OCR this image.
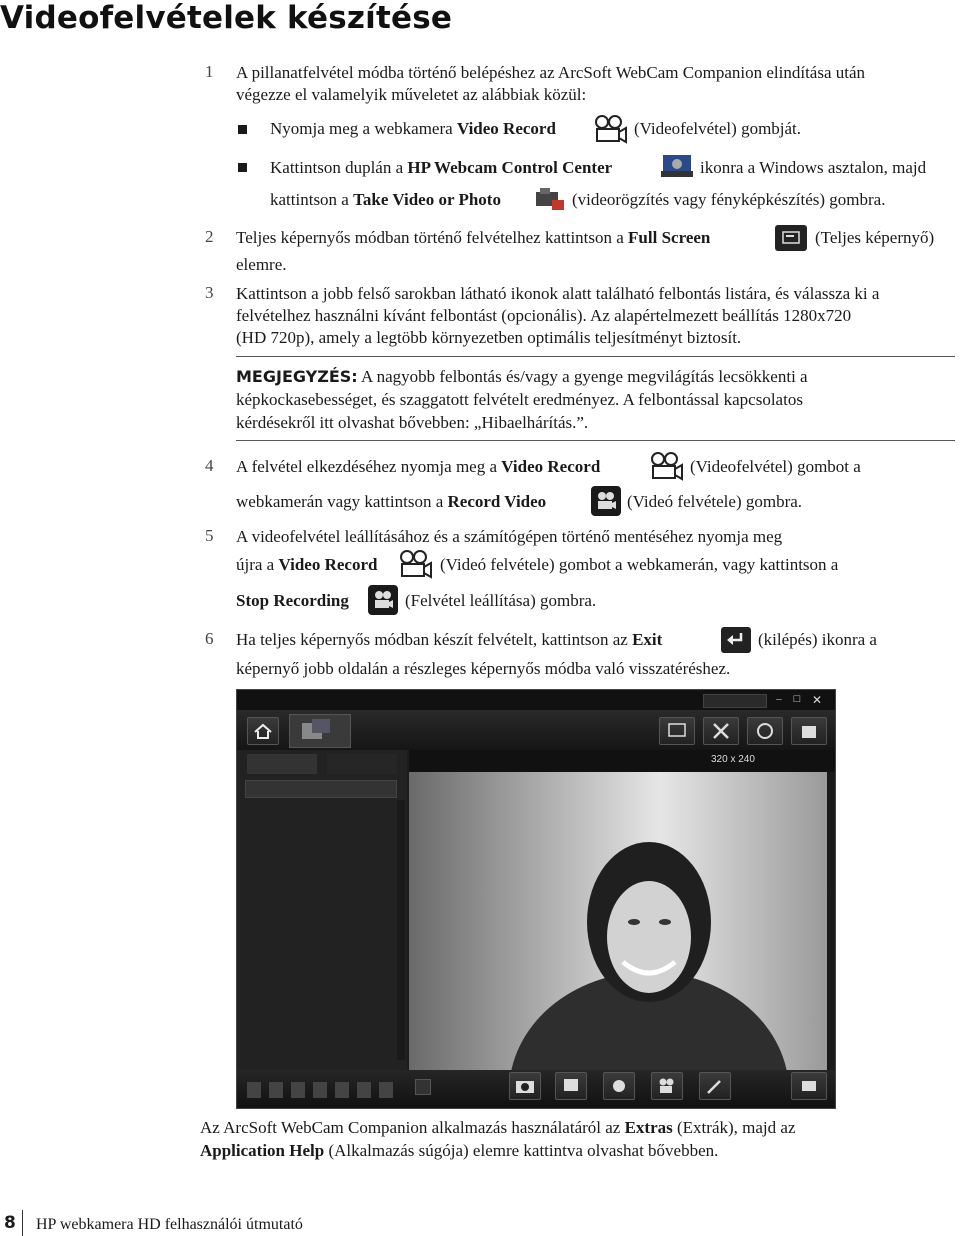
Videofelvételek készítése
1 A pillanatfelvétel módba történő belépéshez az ArcSoft WebCam Companion elindítása után
végezze el valamelyik műveletet az alábbiak közül:
Nyomja meg a webkamera Video Record	(Videofelvétel) gombját.
Kattintson duplán a HP Webcam Control Center	ikonra a Windows asztalon, majd
kattintson a Take Video or Photo	(videorögzítés vagy fényképkészítés) gombra.
2 Teljes képernyős módban történő felvételhez kattintson a Full Screen	(Teljes képernyő)
elemre.
3 Kattintson a jobb felső sarokban látható ikonok alatt található felbontás listára, és válassza ki a
felvételhez használni kívánt felbontást (opcionális). Az alapértelmezett beállítás 1280x720
(HD 720p), amely a legtöbb környezetben optimális teljesítményt biztosít.
MEGJEGYZÉS: A nagyobb felbontás és/vagy a gyenge megvilágítás lecsökkenti a
képkockasebességet, és szaggatott felvételt eredményez. A felbontással kapcsolatos
kérdésekről itt olvashat bővebben: „Hibaelhárítás.”.
4 A felvétel elkezdéséhez nyomja meg a Video Record	(Videofelvétel) gombot a
webkamerán vagy kattintson a Record Video	(Videó felvétele) gombra.
5 A videofelvétel leállításához és a számítógépen történő mentéséhez nyomja meg
újra a Video Record	(Videó felvétele) gombot a webkamerán, vagy kattintson a
Stop Recording	(Felvétel leállítása) gombra.
6 Ha teljes képernyős módban készít felvételt, kattintson az Exit	(kilépés) ikonra a
képernyő jobb oldalán a részleges képernyős módba való visszatéréshez.
–	□ ✕
320 x 240
Az ArcSoft WebCam Companion alkalmazás használatáról az Extras (Extrák), majd az
Application Help (Alkalmazás súgója) elemre kattintva olvashat bővebben.
8 HP webkamera HD felhasználói útmutató
